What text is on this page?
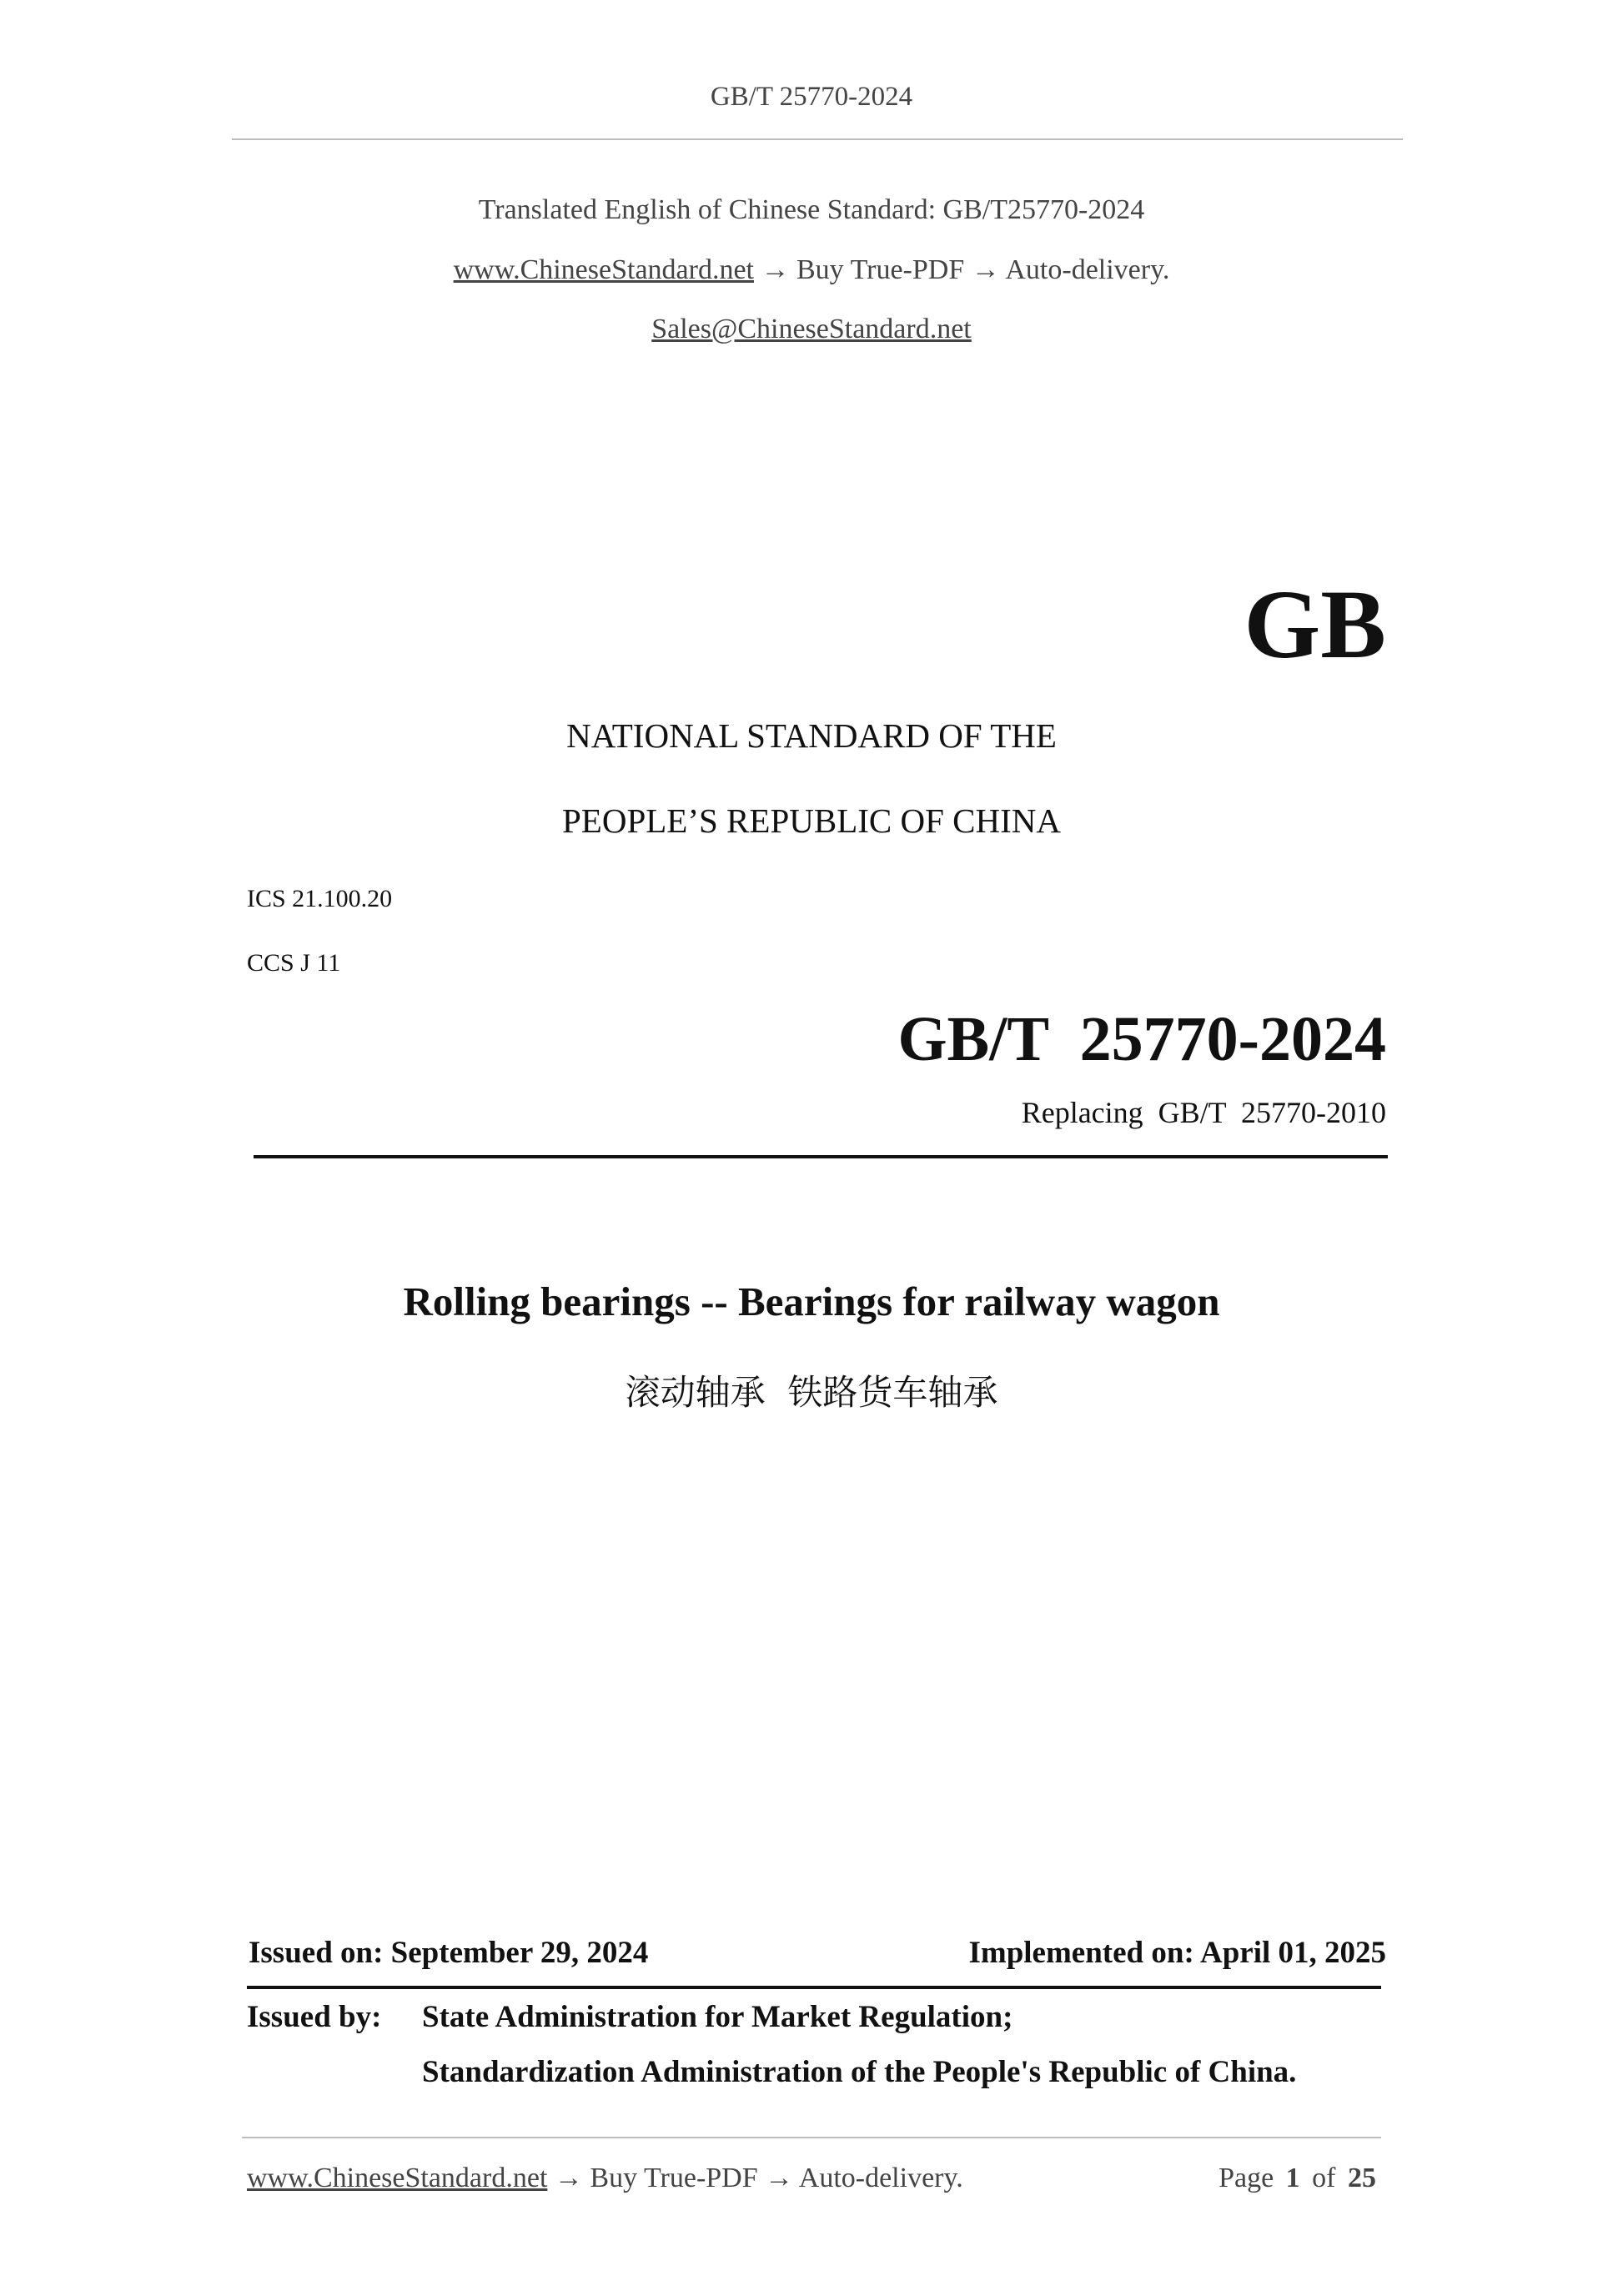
GB/T 25770-2024
Translated English of Chinese Standard: GB/T25770-2024
www.ChineseStandard.net → Buy True-PDF → Auto-delivery.
Sales@ChineseStandard.net
GB
NATIONAL STANDARD OF THE
PEOPLE’S REPUBLIC OF CHINA
ICS 21.100.20
CCS J 11
GB/T  25770-2024
Replacing  GB/T  25770-2010
Rolling bearings -- Bearings for railway wagon
滚动轴承  铁路货车轴承
Issued on: September 29, 2024	Implemented on: April 01, 2025
Issued by: State Administration for Market Regulation;
Standardization Administration of the People's Republic of China.
www.ChineseStandard.net → Buy True-PDF → Auto-delivery.	Page 1 of 25
